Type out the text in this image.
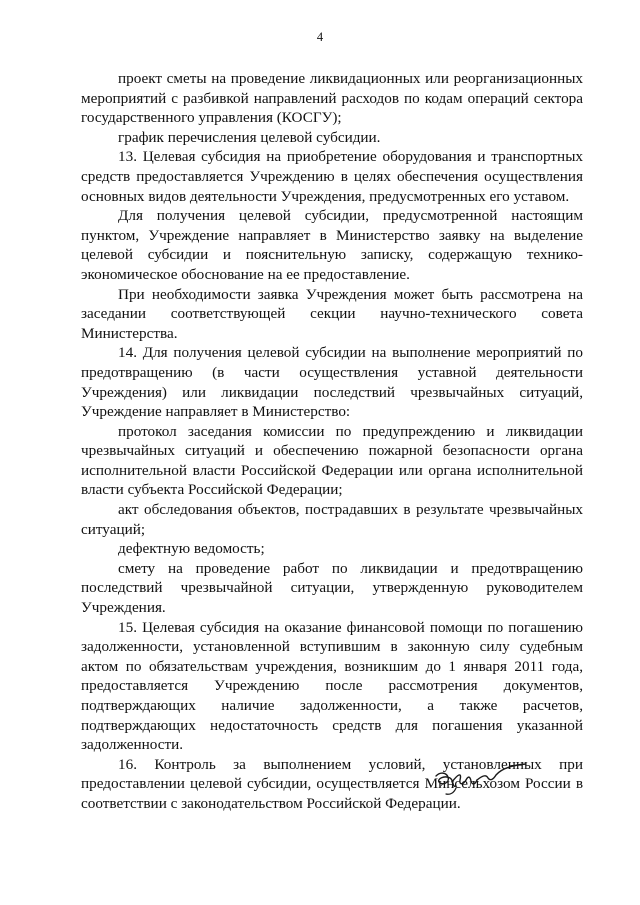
4

проект сметы на проведение ликвидационных или реорганизационных мероприятий с разбивкой направлений расходов по кодам операций сектора государственного управления (КОСГУ);

график перечисления целевой субсидии.

13. Целевая субсидия на приобретение оборудования и транспортных средств предоставляется Учреждению в целях обеспечения осуществления основных видов деятельности Учреждения, предусмотренных его уставом.

Для получения целевой субсидии, предусмотренной настоящим пунктом, Учреждение направляет в Министерство заявку на выделение целевой субсидии и пояснительную записку, содержащую технико-экономическое обоснование на ее предоставление.

При необходимости заявка Учреждения может быть рассмотрена на заседании соответствующей секции научно-технического совета Министерства.

14. Для получения целевой субсидии на выполнение мероприятий по предотвращению (в части осуществления уставной деятельности Учреждения) или ликвидации последствий чрезвычайных ситуаций, Учреждение направляет в Министерство:

протокол заседания комиссии по предупреждению и ликвидации чрезвычайных ситуаций и обеспечению пожарной безопасности органа исполнительной власти Российской Федерации или органа исполнительной власти субъекта Российской Федерации;

акт обследования объектов, пострадавших в результате чрезвычайных ситуаций;

дефектную ведомость;

смету на проведение работ по ликвидации и предотвращению последствий чрезвычайной ситуации, утвержденную руководителем Учреждения.

15. Целевая субсидия на оказание финансовой помощи по погашению задолженности, установленной вступившим в законную силу судебным актом по обязательствам учреждения, возникшим до 1 января 2011 года, предоставляется Учреждению после рассмотрения документов, подтверждающих наличие задолженности, а также расчетов, подтверждающих недостаточность средств для погашения указанной задолженности.

16. Контроль за выполнением условий, установленных при предоставлении целевой субсидии, осуществляется Минсельхозом России в соответствии с законодательством Российской Федерации.
